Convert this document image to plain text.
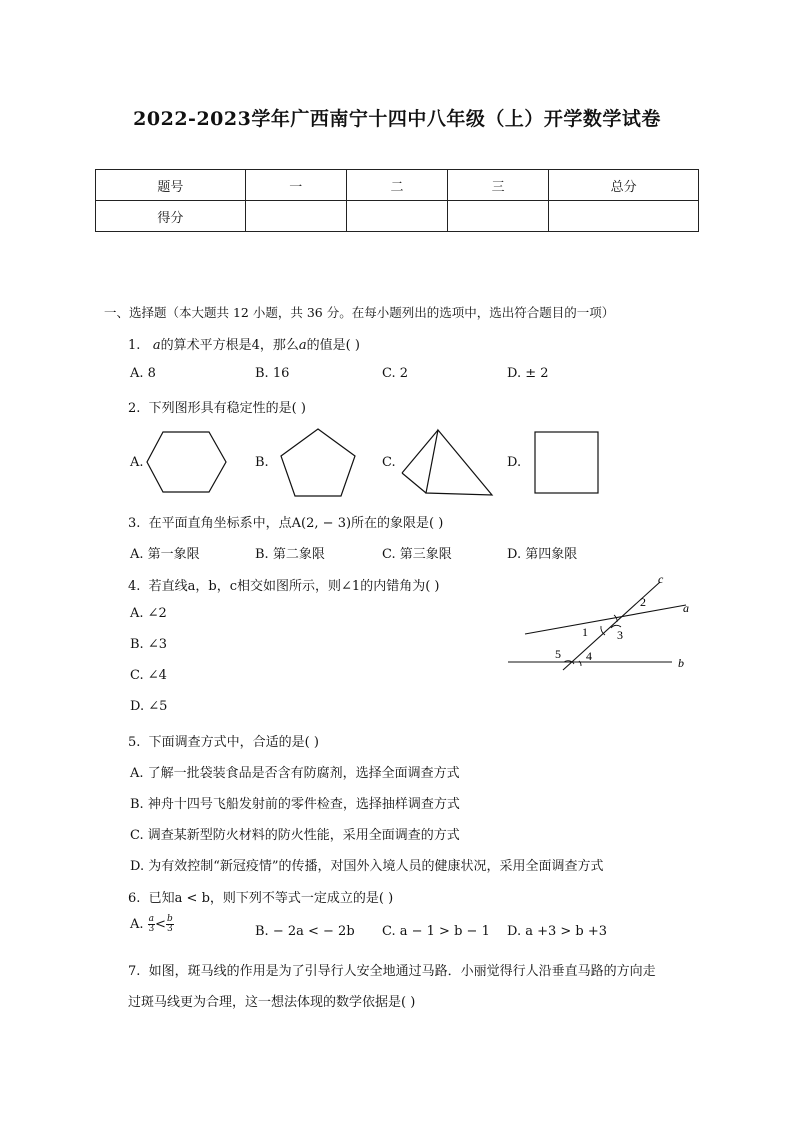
2022-2023学年广西南宁十四中八年级（上）开学数学试卷
题号	一	二	三	总分
得分				
一、选择题（本大题共 12 小题，共 36 分。在每小题列出的选项中，选出符合题目的一项）
1. a的算术平方根是4，那么a的值是( )
A. 8	B. 16	C. 2	D. ± 2
2. 下列图形具有稳定性的是( )
A.	B.	C.	D.
3. 在平面直角坐标系中，点A(2, − 3)所在的象限是( )
A. 第一象限	B. 第二象限	C. 第三象限	D. 第四象限
4. 若直线a，b，c相交如图所示，则∠1的内错角为( )
A. ∠2
B. ∠3
C. ∠4
D. ∠5
c
a
b
1
2
3
4
5
5. 下面调查方式中，合适的是( )
A. 了解一批袋装食品是否含有防腐剂，选择全面调查方式
B. 神舟十四号飞船发射前的零件检查，选择抽样调查方式
C. 调查某新型防火材料的防火性能，采用全面调查的方式
D. 为有效控制“新冠疫情”的传播，对国外入境人员的健康状况，采用全面调查方式
6. 已知a < b，则下列不等式一定成立的是( )
A. $\frac{a}{3} < \frac{b}{3}$	B. − 2a < − 2b C. a − 1 > b − 1 D. a +3 > b +3
7. 如图，斑马线的作用是为了引导行人安全地通过马路．小丽觉得行人沿垂直马路的方向走
过斑马线更为合理，这一想法体现的数学依据是( )
